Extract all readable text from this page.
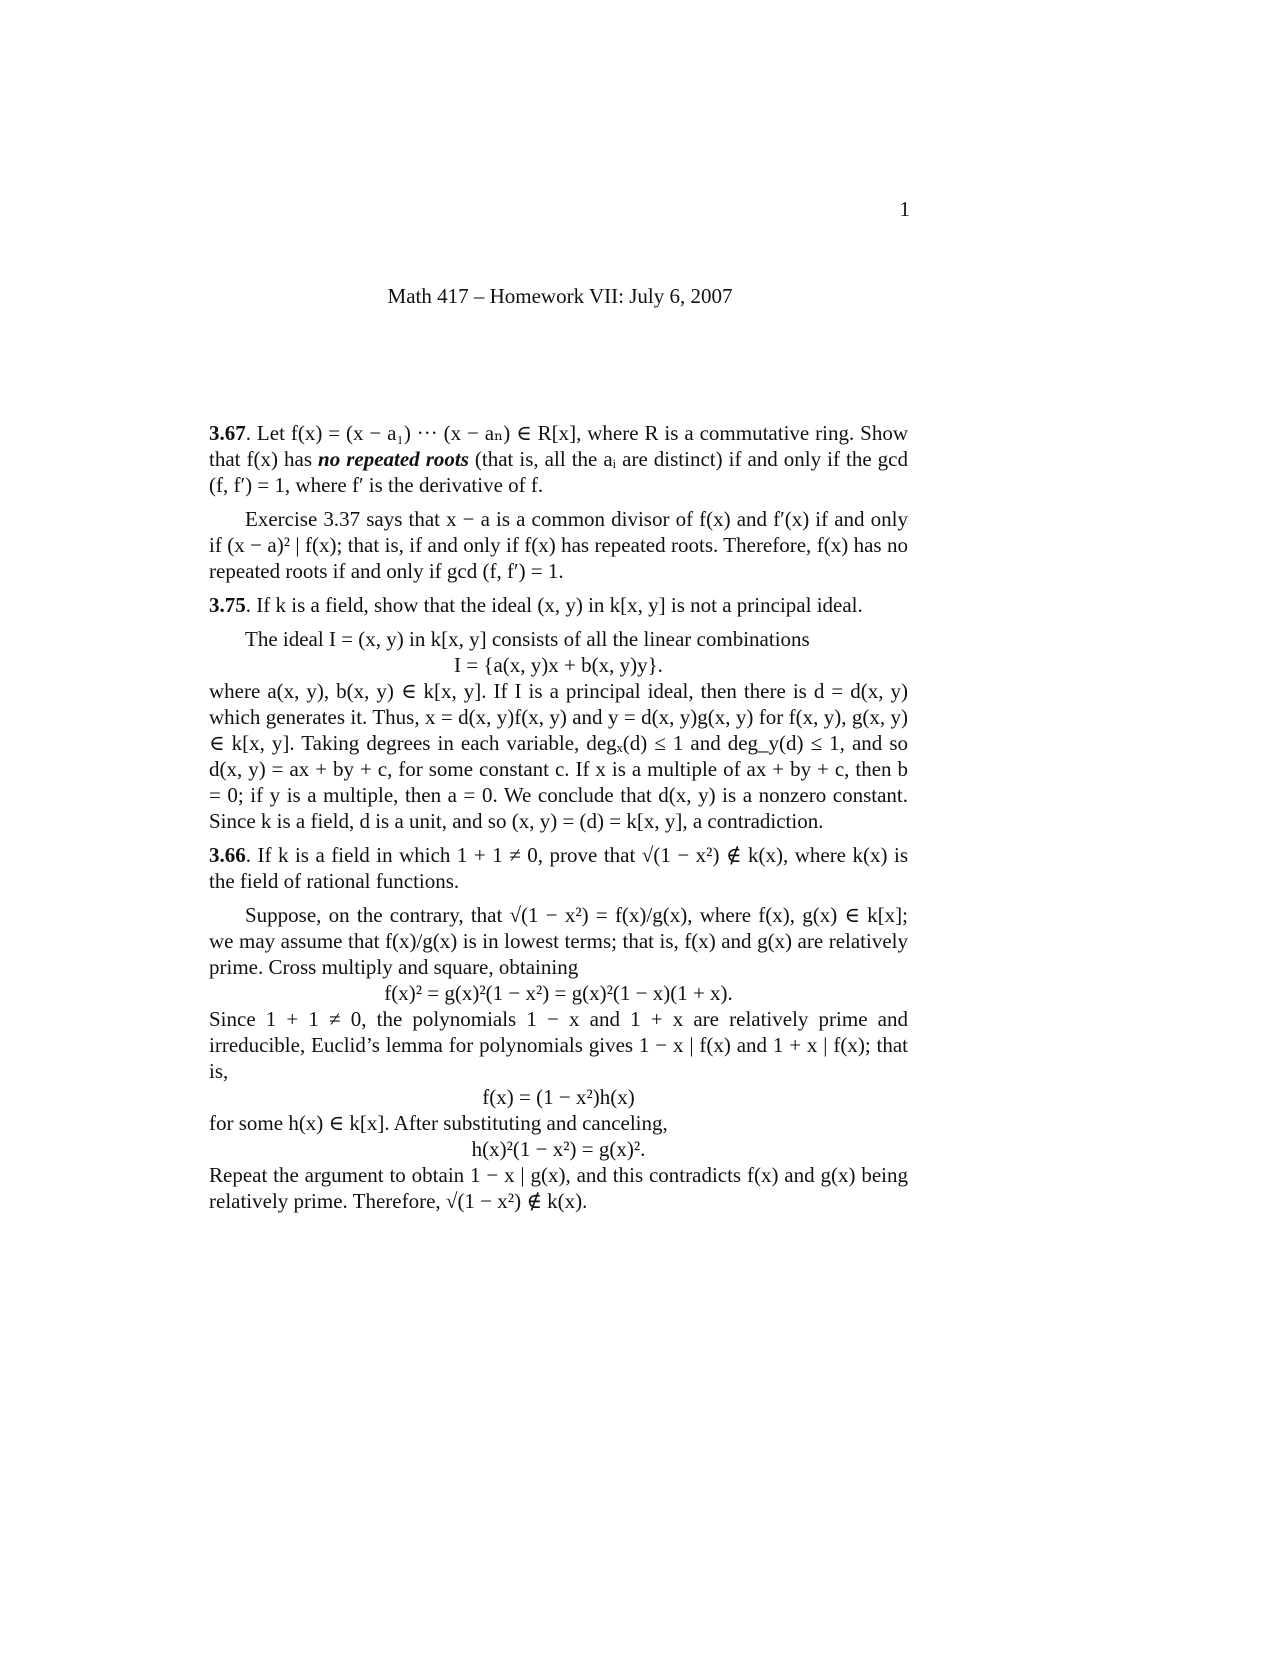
1
Math 417 – Homework VII: July 6, 2007

3.67. Let f(x) = (x − a₁) ··· (x − aₙ) ∈ R[x], where R is a commutative ring. Show that f(x) has no repeated roots (that is, all the aᵢ are distinct) if and only if the gcd (f, f′) = 1, where f′ is the derivative of f.

Exercise 3.37 says that x − a is a common divisor of f(x) and f′(x) if and only if (x − a)² | f(x); that is, if and only if f(x) has repeated roots. Therefore, f(x) has no repeated roots if and only if gcd (f, f′) = 1.

3.75. If k is a field, show that the ideal (x, y) in k[x, y] is not a principal ideal.

The ideal I = (x, y) in k[x, y] consists of all the linear combinations

I = {a(x, y)x + b(x, y)y}.

where a(x, y), b(x, y) ∈ k[x, y]. If I is a principal ideal, then there is d = d(x, y) which generates it. Thus, x = d(x, y)f(x, y) and y = d(x, y)g(x, y) for f(x, y), g(x, y) ∈ k[x, y]. Taking degrees in each variable, degₓ(d) ≤ 1 and deg_y(d) ≤ 1, and so d(x, y) = ax + by + c, for some constant c. If x is a multiple of ax + by + c, then b = 0; if y is a multiple, then a = 0. We conclude that d(x, y) is a nonzero constant. Since k is a field, d is a unit, and so (x, y) = (d) = k[x, y], a contradiction.

3.66. If k is a field in which 1 + 1 ≠ 0, prove that √(1 − x²) ∉ k(x), where k(x) is the field of rational functions.

Suppose, on the contrary, that √(1 − x²) = f(x)/g(x), where f(x), g(x) ∈ k[x]; we may assume that f(x)/g(x) is in lowest terms; that is, f(x) and g(x) are relatively prime. Cross multiply and square, obtaining

f(x)² = g(x)²(1 − x²) = g(x)²(1 − x)(1 + x).

Since 1 + 1 ≠ 0, the polynomials 1 − x and 1 + x are relatively prime and irreducible, Euclid’s lemma for polynomials gives 1 − x | f(x) and 1 + x | f(x); that is,

f(x) = (1 − x²)h(x)

for some h(x) ∈ k[x]. After substituting and canceling,

h(x)²(1 − x²) = g(x)².

Repeat the argument to obtain 1 − x | g(x), and this contradicts f(x) and g(x) being relatively prime. Therefore, √(1 − x²) ∉ k(x).
